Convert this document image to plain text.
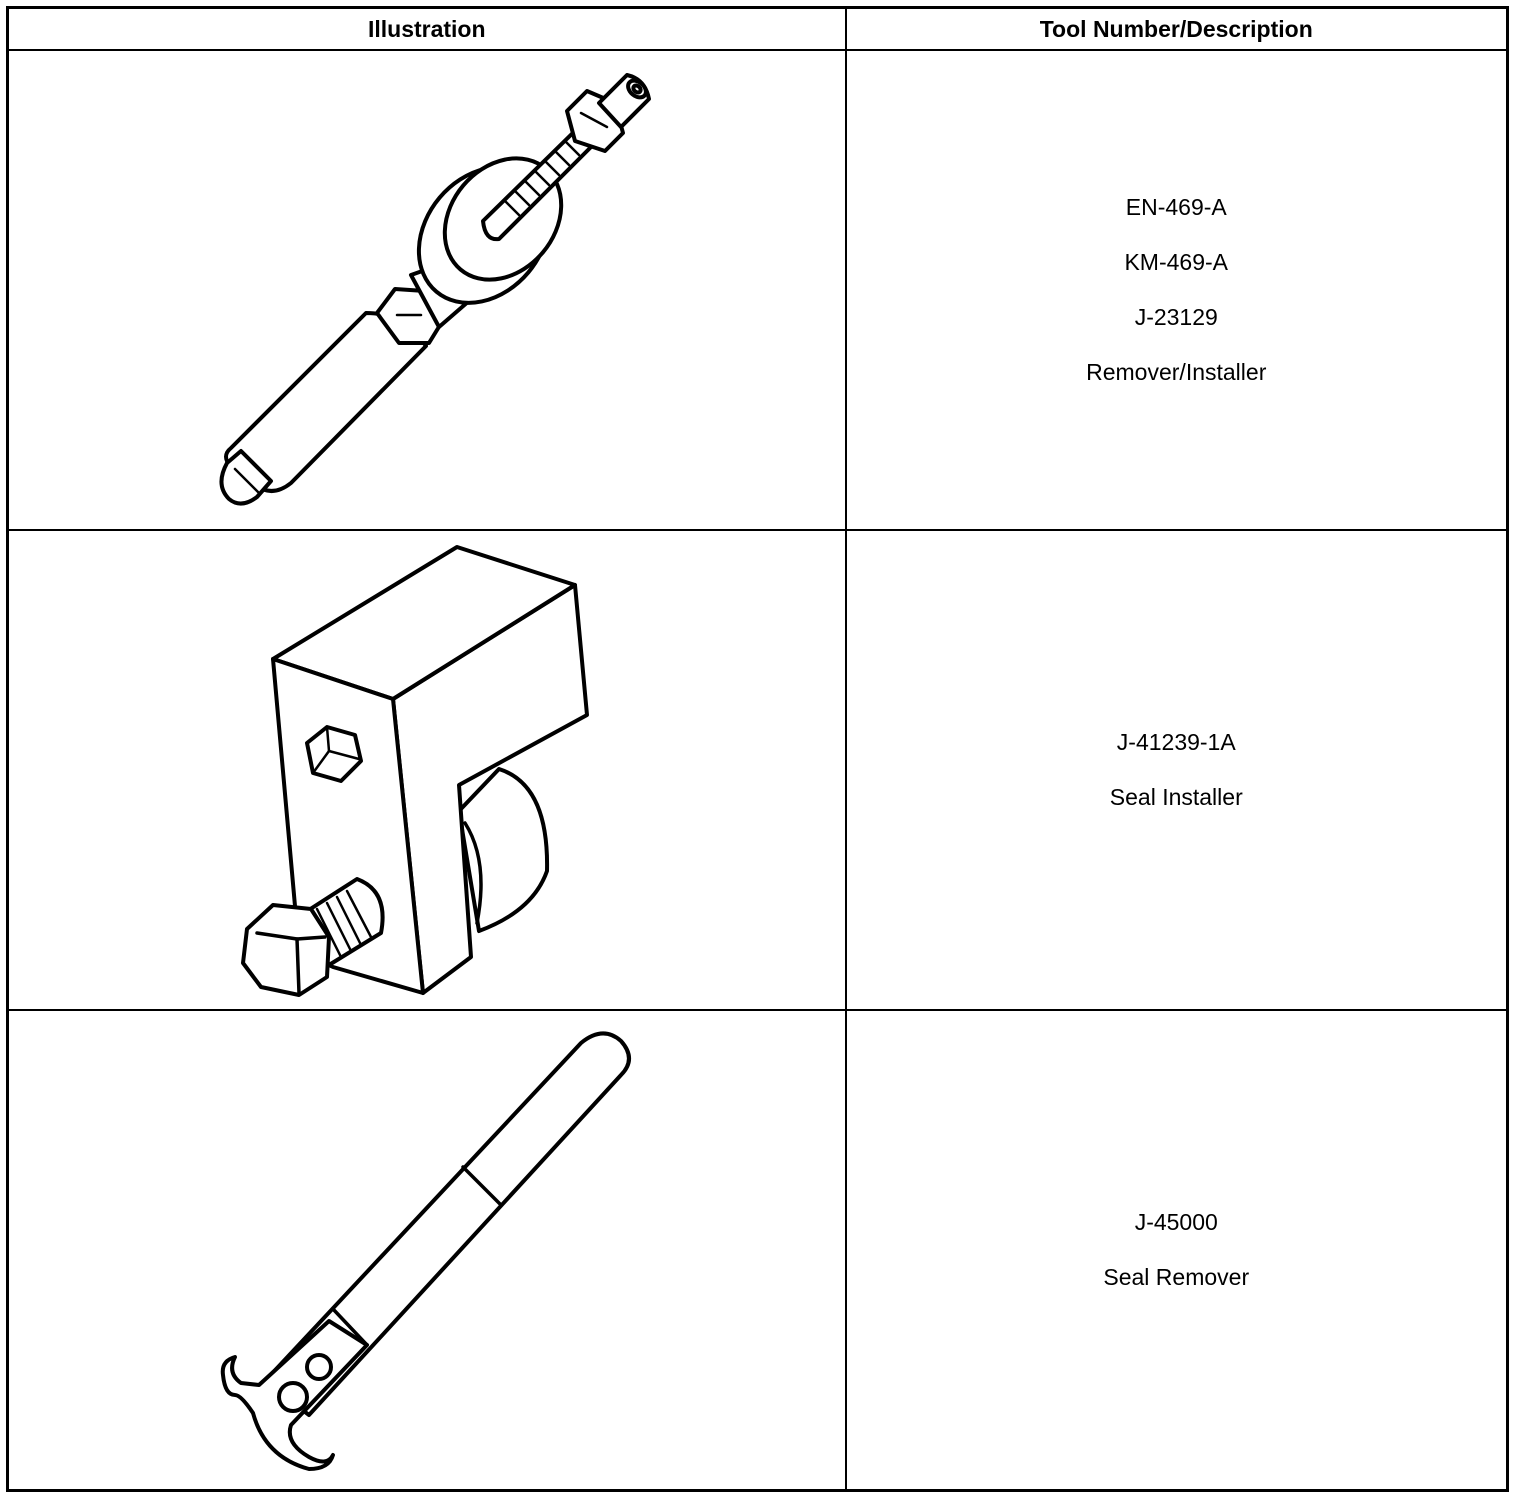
Illustration	Tool Number/Description

EN-469-A
KM-469-A
J-23129
Remover/Installer

J-41239-1A
Seal Installer

J-45000
Seal Remover
